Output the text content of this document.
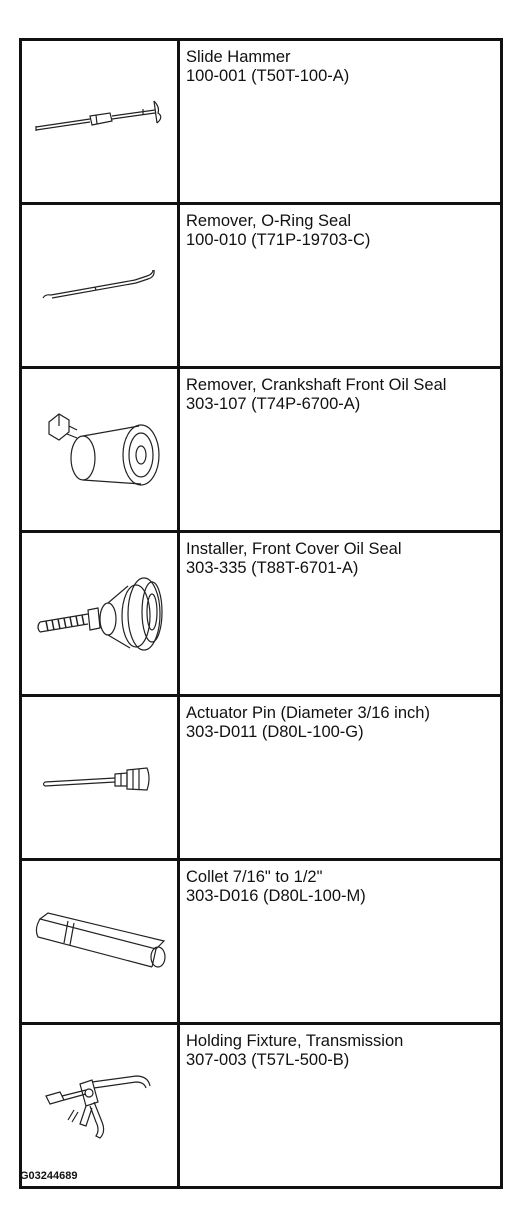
Slide Hammer
100-001 (T50T-100-A)

Remover, O-Ring Seal
100-010 (T71P-19703-C)

Remover, Crankshaft Front Oil Seal
303-107 (T74P-6700-A)

Installer, Front Cover Oil Seal
303-335 (T88T-6701-A)

Actuator Pin (Diameter 3/16 inch)
303-D011 (D80L-100-G)

Collet 7/16" to 1/2"
303-D016 (D80L-100-M)

Holding Fixture, Transmission
307-003 (T57L-500-B)
G03244689
